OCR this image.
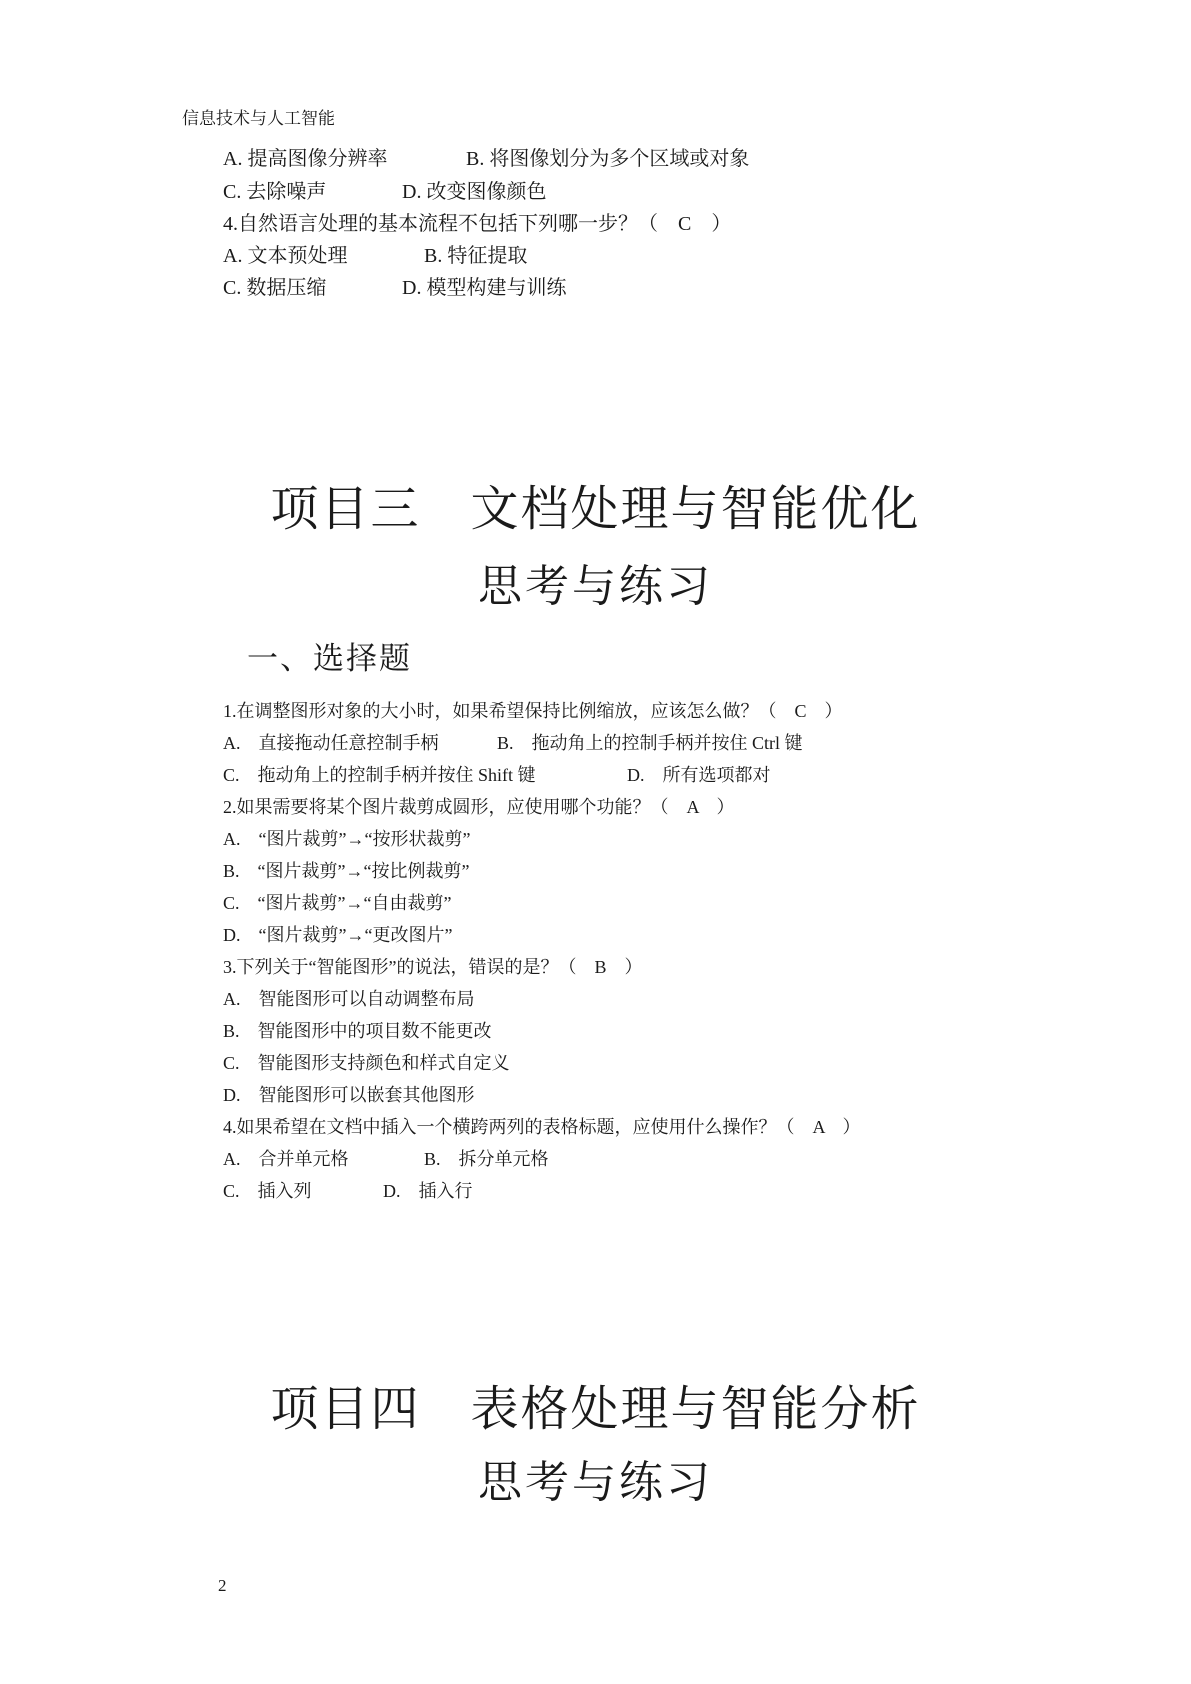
信息技术与人工智能
A. 提高图像分辨率	B. 将图像划分为多个区域或对象
C. 去除噪声	D. 改变图像颜色
4.自然语言处理的基本流程不包括下列哪一步？（　C　）
A. 文本预处理	B. 特征提取
C. 数据压缩	D. 模型构建与训练
项目三　文档处理与智能优化
思考与练习
一、选择题
1.在调整图形对象的大小时，如果希望保持比例缩放，应该怎么做？（　C　）
A.　直接拖动任意控制手柄	B.　拖动角上的控制手柄并按住 Ctrl 键
C.　拖动角上的控制手柄并按住 Shift 键	D.　所有选项都对
2.如果需要将某个图片裁剪成圆形，应使用哪个功能？（　A　）
A.　“图片裁剪”→“按形状裁剪”
B.　“图片裁剪”→“按比例裁剪”
C.　“图片裁剪”→“自由裁剪”
D.　“图片裁剪”→“更改图片”
3.下列关于“智能图形”的说法，错误的是？（　B　）
A.　智能图形可以自动调整布局
B.　智能图形中的项目数不能更改
C.　智能图形支持颜色和样式自定义
D.　智能图形可以嵌套其他图形
4.如果希望在文档中插入一个横跨两列的表格标题，应使用什么操作？（　A　）
A.　合并单元格	B.　拆分单元格
C.　插入列	D.　插入行
项目四　表格处理与智能分析
思考与练习
2
